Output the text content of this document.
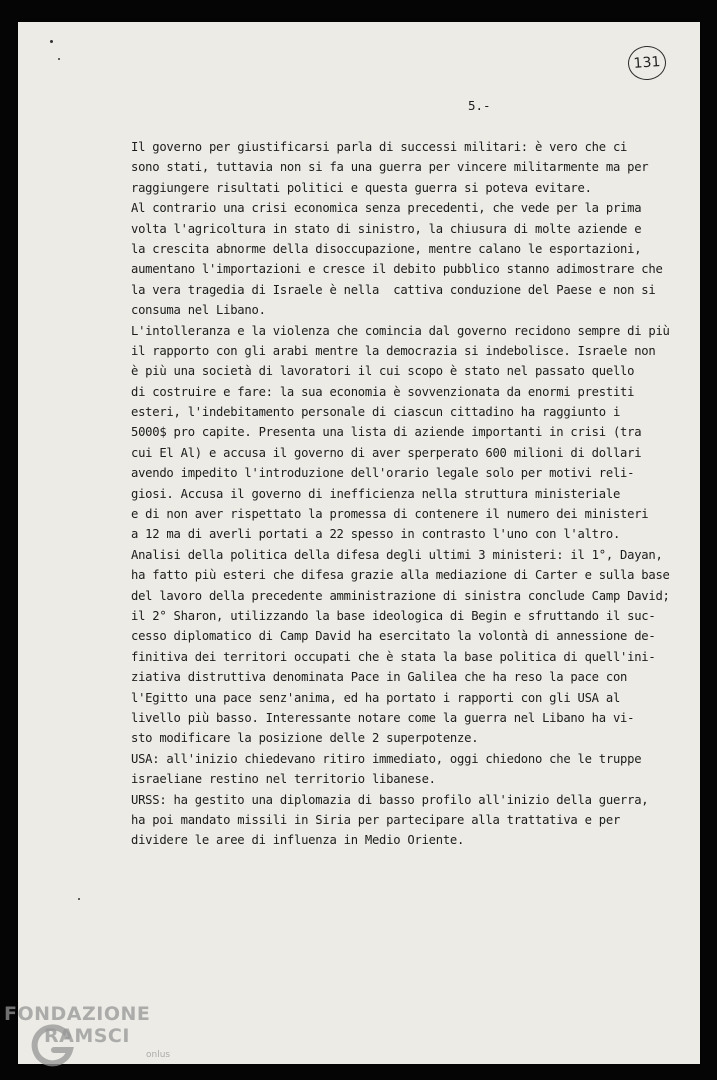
131
5.-
Il governo per giustificarsi parla di successi militari: è vero che ci
sono stati, tuttavia non si fa una guerra per vincere militarmente ma per
raggiungere risultati politici e questa guerra si poteva evitare.
Al contrario una crisi economica senza precedenti, che vede per la prima
volta l'agricoltura in stato di sinistro, la chiusura di molte aziende e
la crescita abnorme della disoccupazione, mentre calano le esportazioni,
aumentano l'importazioni e cresce il debito pubblico stanno adimostrare che
la vera tragedia di Israele è nella  cattiva conduzione del Paese e non si
consuma nel Libano.
L'intolleranza e la violenza che comincia dal governo recidono sempre di più
il rapporto con gli arabi mentre la democrazia si indebolisce. Israele non
è più una società di lavoratori il cui scopo è stato nel passato quello
di costruire e fare: la sua economia è sovvenzionata da enormi prestiti
esteri, l'indebitamento personale di ciascun cittadino ha raggiunto i
5000$ pro capite. Presenta una lista di aziende importanti in crisi (tra
cui El Al) e accusa il governo di aver sperperato 600 milioni di dollari
avendo impedito l'introduzione dell'orario legale solo per motivi reli-
giosi. Accusa il governo di inefficienza nella struttura ministeriale
e di non aver rispettato la promessa di contenere il numero dei ministeri
a 12 ma di averli portati a 22 spesso in contrasto l'uno con l'altro.
Analisi della politica della difesa degli ultimi 3 ministeri: il 1°, Dayan,
ha fatto più esteri che difesa grazie alla mediazione di Carter e sulla base
del lavoro della precedente amministrazione di sinistra conclude Camp David;
il 2° Sharon, utilizzando la base ideologica di Begin e sfruttando il suc-
cesso diplomatico di Camp David ha esercitato la volontà di annessione de-
finitiva dei territori occupati che è stata la base politica di quell'ini-
ziativa distruttiva denominata Pace in Galilea che ha reso la pace con
l'Egitto una pace senz'anima, ed ha portato i rapporti con gli USA al
livello più basso. Interessante notare come la guerra nel Libano ha vi-
sto modificare la posizione delle 2 superpotenze.
USA: all'inizio chiedevano ritiro immediato, oggi chiedono che le truppe
israeliane restino nel territorio libanese.
URSS: ha gestito una diplomazia di basso profilo all'inizio della guerra,
ha poi mandato missili in Siria per partecipare alla trattativa e per
dividere le aree di influenza in Medio Oriente.
FONDAZIONE
RAMSCI
onlus
